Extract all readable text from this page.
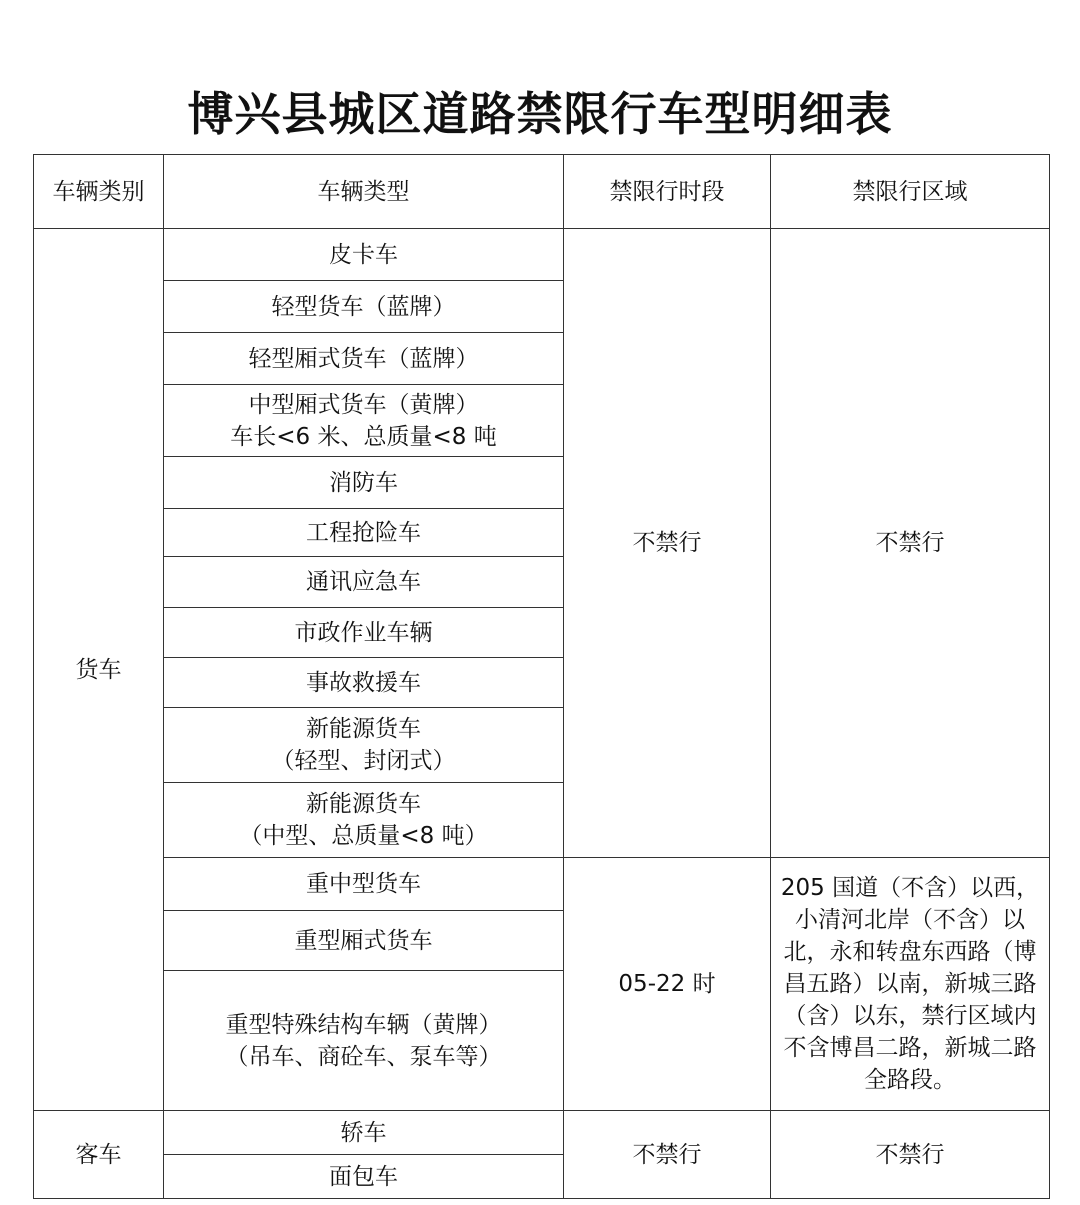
博兴县城区道路禁限行车型明细表
车辆类别	车辆类型	禁限行时段	禁限行区域
货车	皮卡车	不禁行	不禁行
	轻型货车（蓝牌）		
	轻型厢式货车（蓝牌）		

	中型厢式货车（黄牌）
车长<6 米、总质量<8 吨		

	消防车		
	工程抢险车		
	通讯应急车		
	市政作业车辆		
	事故救援车		

	新能源货车
（轻型、封闭式）		

	新能源货车
（中型、总质量<8 吨）		

	重中型货车	05-22 时	205 国道（不含）以西，小清河北岸（不含）以北，永和转盘东西路（博昌五路）以南，新城三路（含）以东，禁行区域内不含博昌二路，新城二路全路段。
	重型厢式货车		

	重型特殊结构车辆（黄牌）
（吊车、商砼车、泵车等）		

客车	轿车	不禁行	不禁行
	面包车		
